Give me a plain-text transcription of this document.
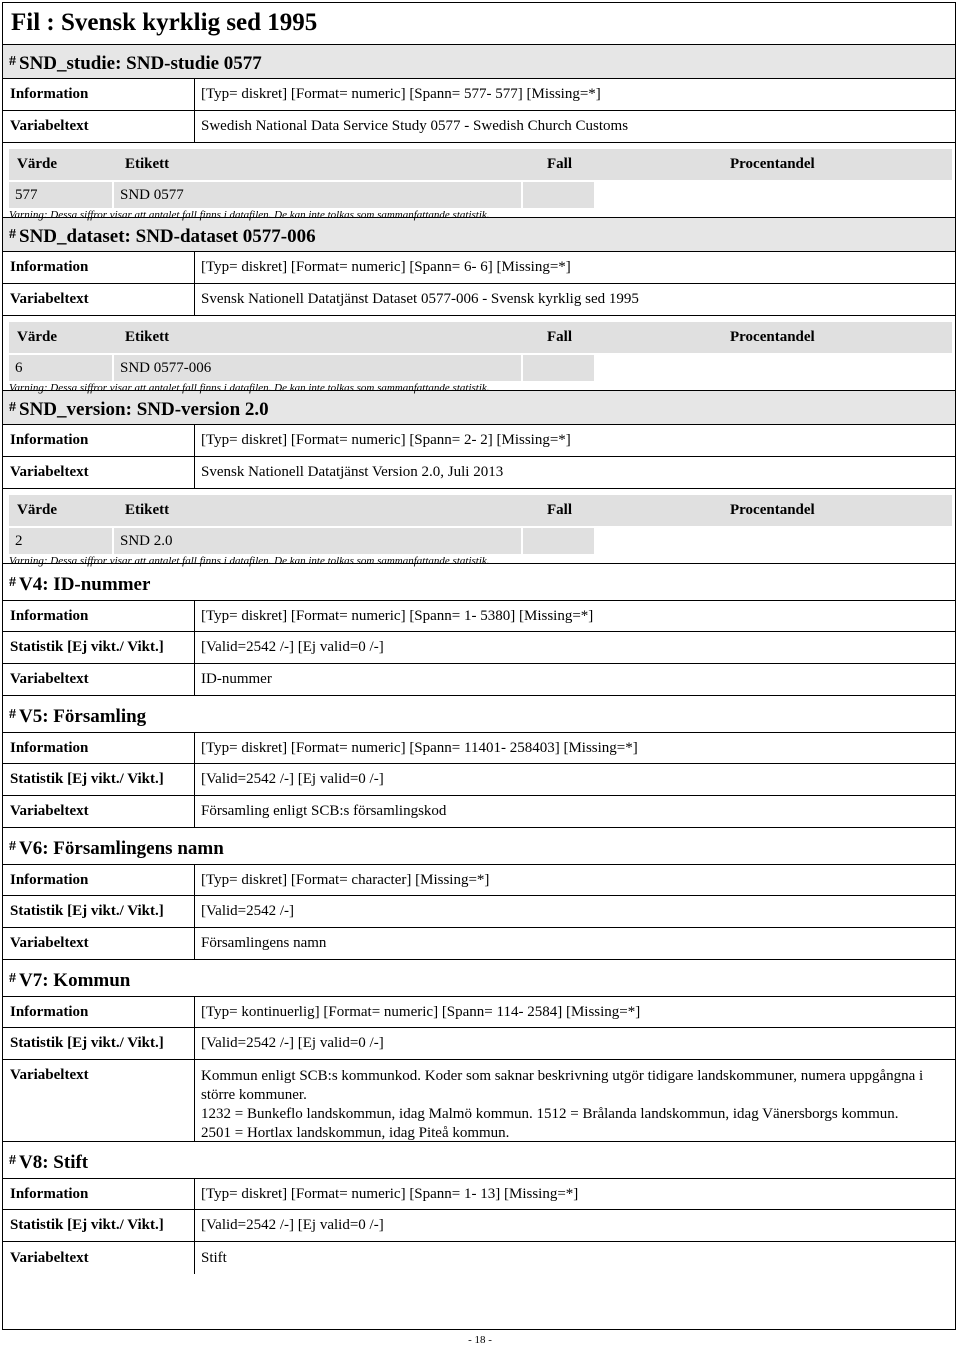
Fil : Svensk kyrklig sed 1995
# SND_studie: SND-studie 0577
Information	[Typ= diskret] [Format= numeric] [Spann= 577- 577] [Missing=*]
Variabeltext	Swedish National Data Service Study 0577 - Swedish Church Customs
Värde	Etikett	Fall	Procentandel
577	SND 0577
Varning: Dessa siffror visar att antalet fall finns i datafilen. De kan inte tolkas som sammanfattande statistik.
# SND_dataset: SND-dataset 0577-006
Information	[Typ= diskret] [Format= numeric] [Spann= 6- 6] [Missing=*]
Variabeltext	Svensk Nationell Datatjänst Dataset 0577-006 - Svensk kyrklig sed 1995
Värde	Etikett	Fall	Procentandel
6	SND 0577-006
Varning: Dessa siffror visar att antalet fall finns i datafilen. De kan inte tolkas som sammanfattande statistik.
# SND_version: SND-version 2.0
Information	[Typ= diskret] [Format= numeric] [Spann= 2- 2] [Missing=*]
Variabeltext	Svensk Nationell Datatjänst Version 2.0, Juli 2013
Värde	Etikett	Fall	Procentandel
2	SND 2.0
Varning: Dessa siffror visar att antalet fall finns i datafilen. De kan inte tolkas som sammanfattande statistik.
# V4: ID-nummer
Information	[Typ= diskret] [Format= numeric] [Spann= 1- 5380] [Missing=*]
Statistik [Ej vikt./ Vikt.]	[Valid=2542 /-] [Ej valid=0 /-]
Variabeltext	ID-nummer
# V5: Församling
Information	[Typ= diskret] [Format= numeric] [Spann= 11401- 258403] [Missing=*]
Statistik [Ej vikt./ Vikt.]	[Valid=2542 /-] [Ej valid=0 /-]
Variabeltext	Församling enligt SCB:s församlingskod
# V6: Församlingens namn
Information	[Typ= diskret] [Format= character] [Missing=*]
Statistik [Ej vikt./ Vikt.]	[Valid=2542 /-]
Variabeltext	Församlingens namn
# V7: Kommun
Information	[Typ= kontinuerlig] [Format= numeric] [Spann= 114- 2584] [Missing=*]
Statistik [Ej vikt./ Vikt.]	[Valid=2542 /-] [Ej valid=0 /-]
Variabeltext	Kommun enligt SCB:s kommunkod. Koder som saknar beskrivning utgör tidigare landskommuner, numera uppgångna i större kommuner.
1232 = Bunkeflo landskommun, idag Malmö kommun. 1512 = Brålanda landskommun, idag Vänersborgs kommun.
2501 = Hortlax landskommun, idag Piteå kommun.
# V8: Stift
Information	[Typ= diskret] [Format= numeric] [Spann= 1- 13] [Missing=*]
Statistik [Ej vikt./ Vikt.]	[Valid=2542 /-] [Ej valid=0 /-]
Variabeltext	Stift
- 18 -
